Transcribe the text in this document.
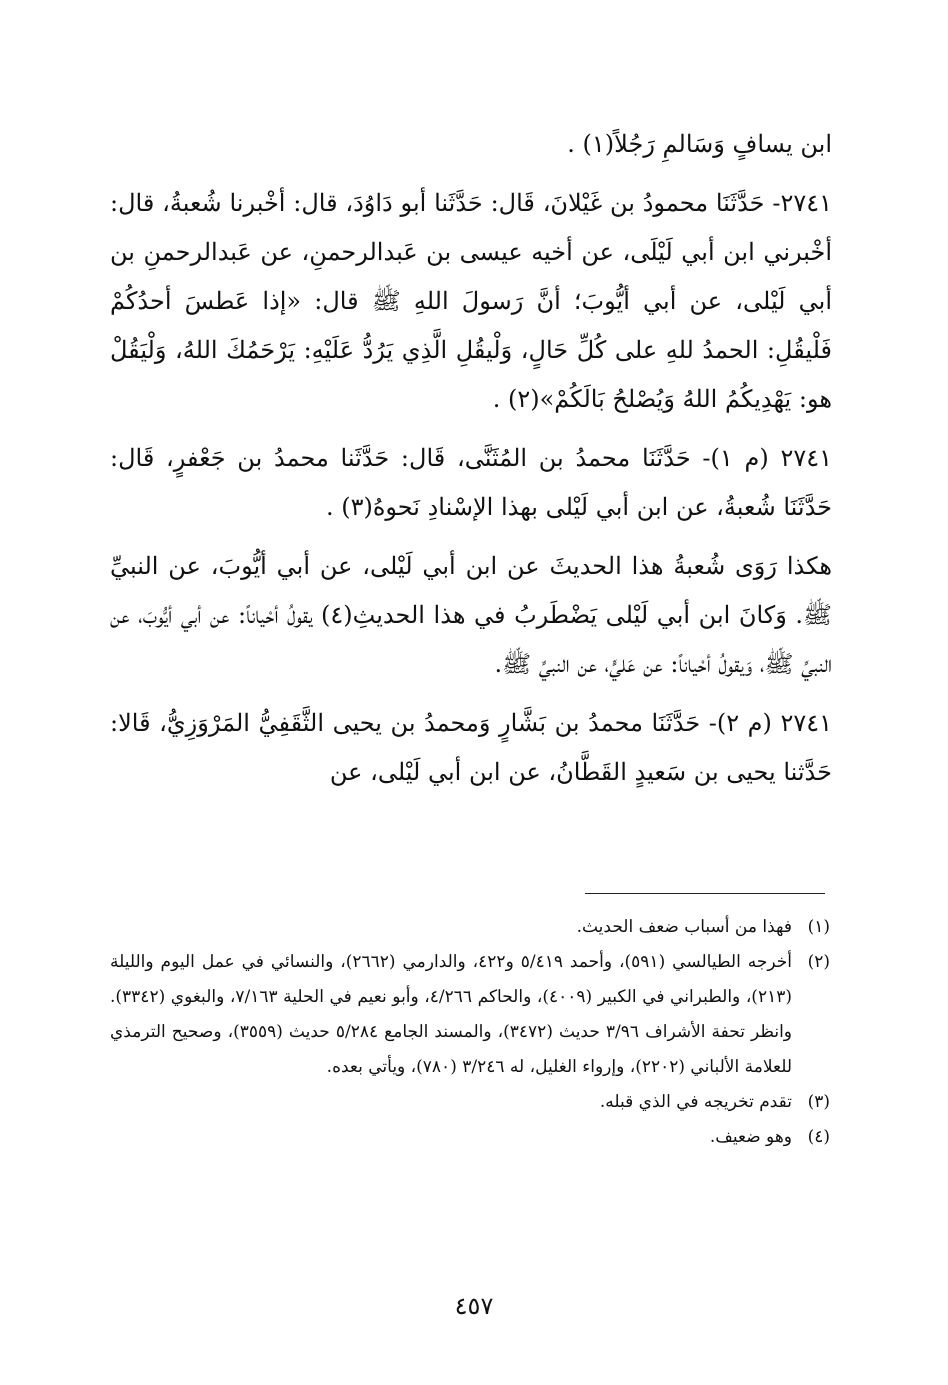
ابن يسافٍ وَسَالمِ رَجُلاً(١) .

٢٧٤١- حَدَّثَنَا محمودُ بن غَيْلانَ، قَال: حَدَّثَنا أبو دَاوُدَ، قال: أخْبرنا شُعبةُ، قال: أخْبرني ابن أبي لَيْلَى، عن أخيه عيسى بن عَبدالرحمنِ، عن عَبدالرحمنِ بن أبي لَيْلى، عن أبي أيُّوبَ؛ أنَّ رَسولَ اللهِ ﷺ قال: «إذا عَطسَ أحدُكُمْ فَلْيقُلِ: الحمدُ للهِ على كُلِّ حَالٍ، وَلْيقُلِ الَّذِي يَرُدُّ عَلَيْهِ: يَرْحَمُكَ اللهُ، وَلْيَقُلْ هو: يَهْدِيكُمُ اللهُ وَيُصْلحُ بَالَكُمْ»(٢) .

٢٧٤١ (م ١)- حَدَّثَنَا محمدُ بن المُثَنَّى، قَال: حَدَّثَنا محمدُ بن جَعْفرٍ، قَال: حَدَّثَنَا شُعبةُ، عن ابن أبي لَيْلى بهذا الإسْنادِ نَحوهُ(٣) .

هكذا رَوَى شُعبةُ هذا الحديثَ عن ابن أبي لَيْلى، عن أبي أيُّوبَ، عن النبيِّ ﷺ. وَكانَ ابن أبي لَيْلى يَضْطَربُ في هذا الحديثِ(٤) يقولُ أحْياناً: عن أبي أيُّوبَ، عن النبيِّ ﷺ، وَيقولُ أحْياناً: عن عَليٍّ، عن النبيِّ ﷺ.

٢٧٤١ (م ٢)- حَدَّثَنَا محمدُ بن بَشَّارٍ وَمحمدُ بن يحيى الثَّقَفِيُّ المَرْوَزِيُّ، قَالا: حَدَّثنا يحيى بن سَعيدٍ القَطَّانُ، عن ابن أبي لَيْلى، عن

(١)
فهذا من أسباب ضعف الحديث.
(٢)
أخرجه الطيالسي (٥٩١)، وأحمد ٥/٤١٩ و٤٢٢، والدارمي (٢٦٦٢)، والنسائي في عمل اليوم والليلة (٢١٣)، والطبراني في الكبير (٤٠٠٩)، والحاكم ٤/٢٦٦، وأبو نعيم في الحلية ٧/١٦٣، والبغوي (٣٣٤٢). وانظر تحفة الأشراف ٣/٩٦ حديث (٣٤٧٢)، والمسند الجامع ٥/٢٨٤ حديث (٣٥٥٩)، وصحيح الترمذي للعلامة الألباني (٢٢٠٢)، وإرواء الغليل، له ٣/٢٤٦ (٧٨٠)، ويأتي بعده.
(٣)
تقدم تخريجه في الذي قبله.
(٤)
وهو ضعيف.
٤٥٧
